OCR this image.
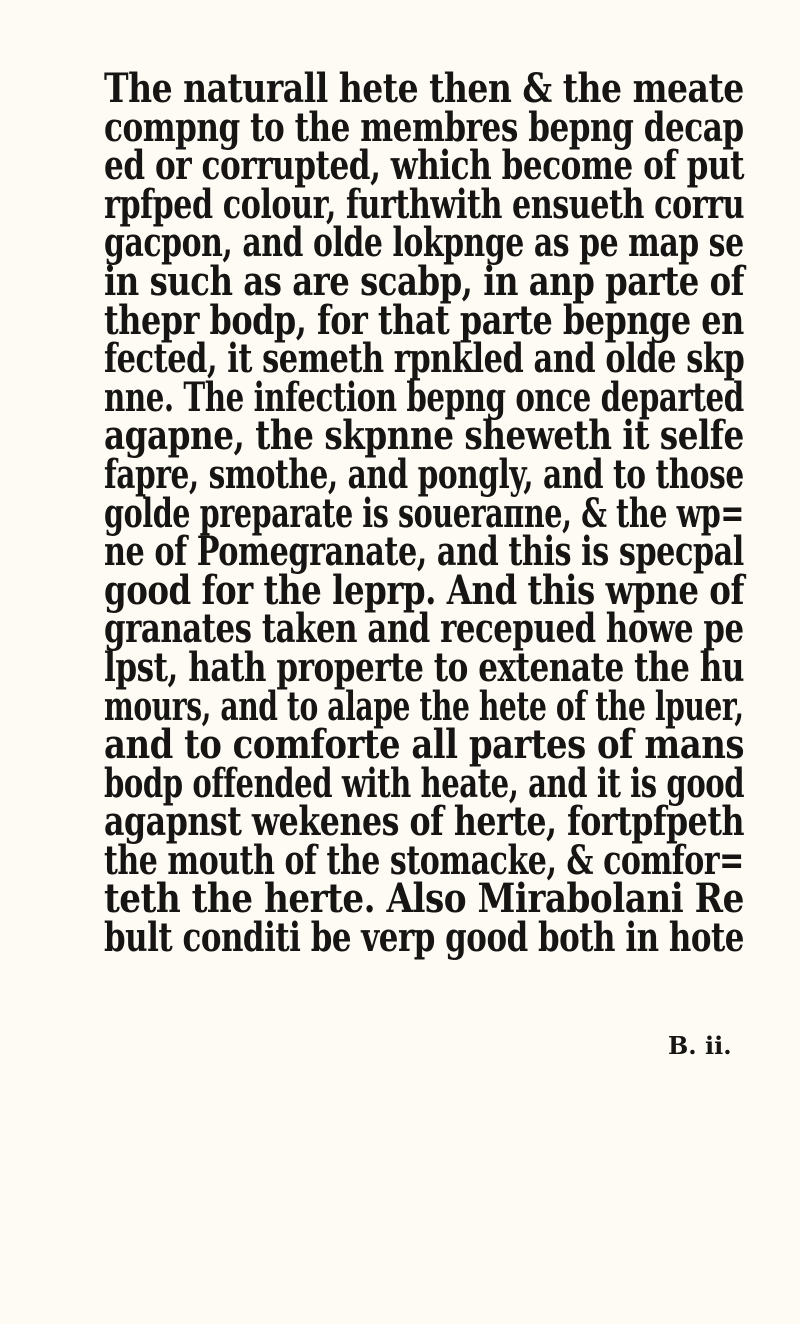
The naturall hete then & the meate
compng to the membres bepng decap
ed or corrupted, which become of put
rpfped colour, furthwith ensueth corru
gacpon, and olde lokpnge as pe map se
in such as are scabp, in anp parte of
thepr bodp, for that parte bepnge en
fected, it semeth rpnkled and olde skp
nne. The infection bepng once departed
agapne, the skpnne sheweth it selfe
fapre, smothe, and pongly, and to those
golde preparate is soueraпne, & the wp=
ne of Pomegranate, and this is specpal
good for the leprp. And this wpne of
granates taken and recepued howe pe
lpst, hath properte to extenate the hu
mours, and to alape the hete of the lpuer,
and to comforte all partes of mans
bodp offended with heate, and it is good
agapnst wekenes of herte, fortpfpeth
the mouth of the stomacke, & comfor=
teth the herte. Also Mirabolani Re
bult conditi be verp good both in hote
B. ii.
